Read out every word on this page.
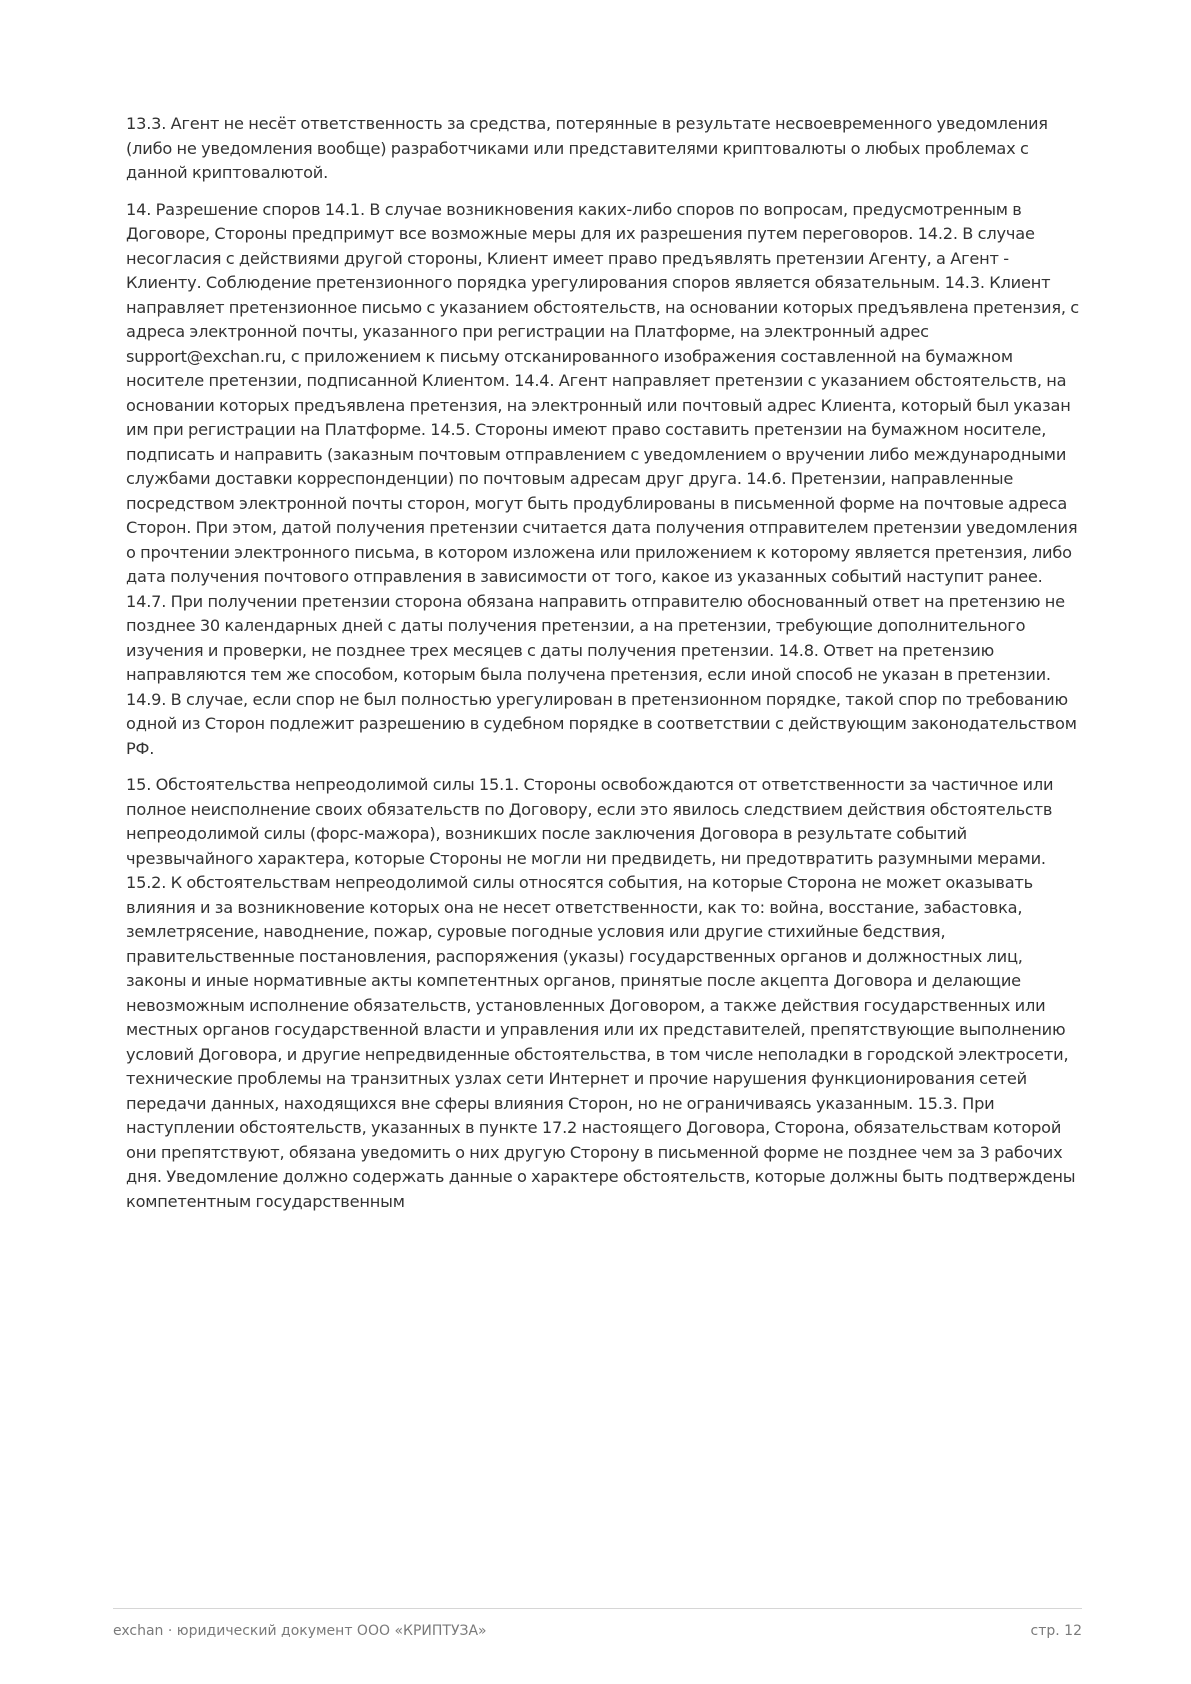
13.3. Агент не несёт ответственность за средства, потерянные в результате несвоевременного уведомления (либо не уведомления вообще) разработчиками или представителями криптовалюты о любых проблемах с данной криптовалютой.

14. Разрешение споров 14.1. В случае возникновения каких-либо споров по вопросам, предусмотренным в Договоре, Стороны предпримут все возможные меры для их разрешения путем переговоров. 14.2. В случае несогласия с действиями другой стороны, Клиент имеет право предъявлять претензии Агенту, а Агент - Клиенту. Соблюдение претензионного порядка урегулирования споров является обязательным. 14.3. Клиент направляет претензионное письмо с указанием обстоятельств, на основании которых предъявлена претензия, с адреса электронной почты, указанного при регистрации на Платформе, на электронный адрес support@exchan.ru, с приложением к письму отсканированного изображения составленной на бумажном носителе претензии, подписанной Клиентом. 14.4. Агент направляет претензии с указанием обстоятельств, на основании которых предъявлена претензия, на электронный или почтовый адрес Клиента, который был указан им при регистрации на Платформе. 14.5. Стороны имеют право составить претензии на бумажном носителе, подписать и направить (заказным почтовым отправлением с уведомлением о вручении либо международными службами доставки корреспонденции) по почтовым адресам друг друга. 14.6. Претензии, направленные посредством электронной почты сторон, могут быть продублированы в письменной форме на почтовые адреса Сторон. При этом, датой получения претензии считается дата получения отправителем претензии уведомления о прочтении электронного письма, в котором изложена или приложением к которому является претензия, либо дата получения почтового отправления в зависимости от того, какое из указанных событий наступит ранее. 14.7. При получении претензии сторона обязана направить отправителю обоснованный ответ на претензию не позднее 30 календарных дней с даты получения претензии, а на претензии, требующие дополнительного изучения и проверки, не позднее трех месяцев с даты получения претензии. 14.8. Ответ на претензию направляются тем же способом, которым была получена претензия, если иной способ не указан в претензии. 14.9. В случае, если спор не был полностью урегулирован в претензионном порядке, такой спор по требованию одной из Сторон подлежит разрешению в судебном порядке в соответствии с действующим законодательством РФ.

15. Обстоятельства непреодолимой силы 15.1. Стороны освобождаются от ответственности за частичное или полное неисполнение своих обязательств по Договору, если это явилось следствием действия обстоятельств непреодолимой силы (форс-мажора), возникших после заключения Договора в результате событий чрезвычайного характера, которые Стороны не могли ни предвидеть, ни предотвратить разумными мерами. 15.2. К обстоятельствам непреодолимой силы относятся события, на которые Сторона не может оказывать влияния и за возникновение которых она не несет ответственности, как то: война, восстание, забастовка, землетрясение, наводнение, пожар, суровые погодные условия или другие стихийные бедствия, правительственные постановления, распоряжения (указы) государственных органов и должностных лиц, законы и иные нормативные акты компетентных органов, принятые после акцепта Договора и делающие невозможным исполнение обязательств, установленных Договором, а также действия государственных или местных органов государственной власти и управления или их представителей, препятствующие выполнению условий Договора, и другие непредвиденные обстоятельства, в том числе неполадки в городской электросети, технические проблемы на транзитных узлах сети Интернет и прочие нарушения функционирования сетей передачи данных, находящихся вне сферы влияния Сторон, но не ограничиваясь указанным. 15.3. При наступлении обстоятельств, указанных в пункте 17.2 настоящего Договора, Сторона, обязательствам которой они препятствуют, обязана уведомить о них другую Сторону в письменной форме не позднее чем за 3 рабочих дня. Уведомление должно содержать данные о характере обстоятельств, которые должны быть подтверждены компетентным государственным

exchan · юридический документ ООО «КРИПТУЗА»	стр. 12
